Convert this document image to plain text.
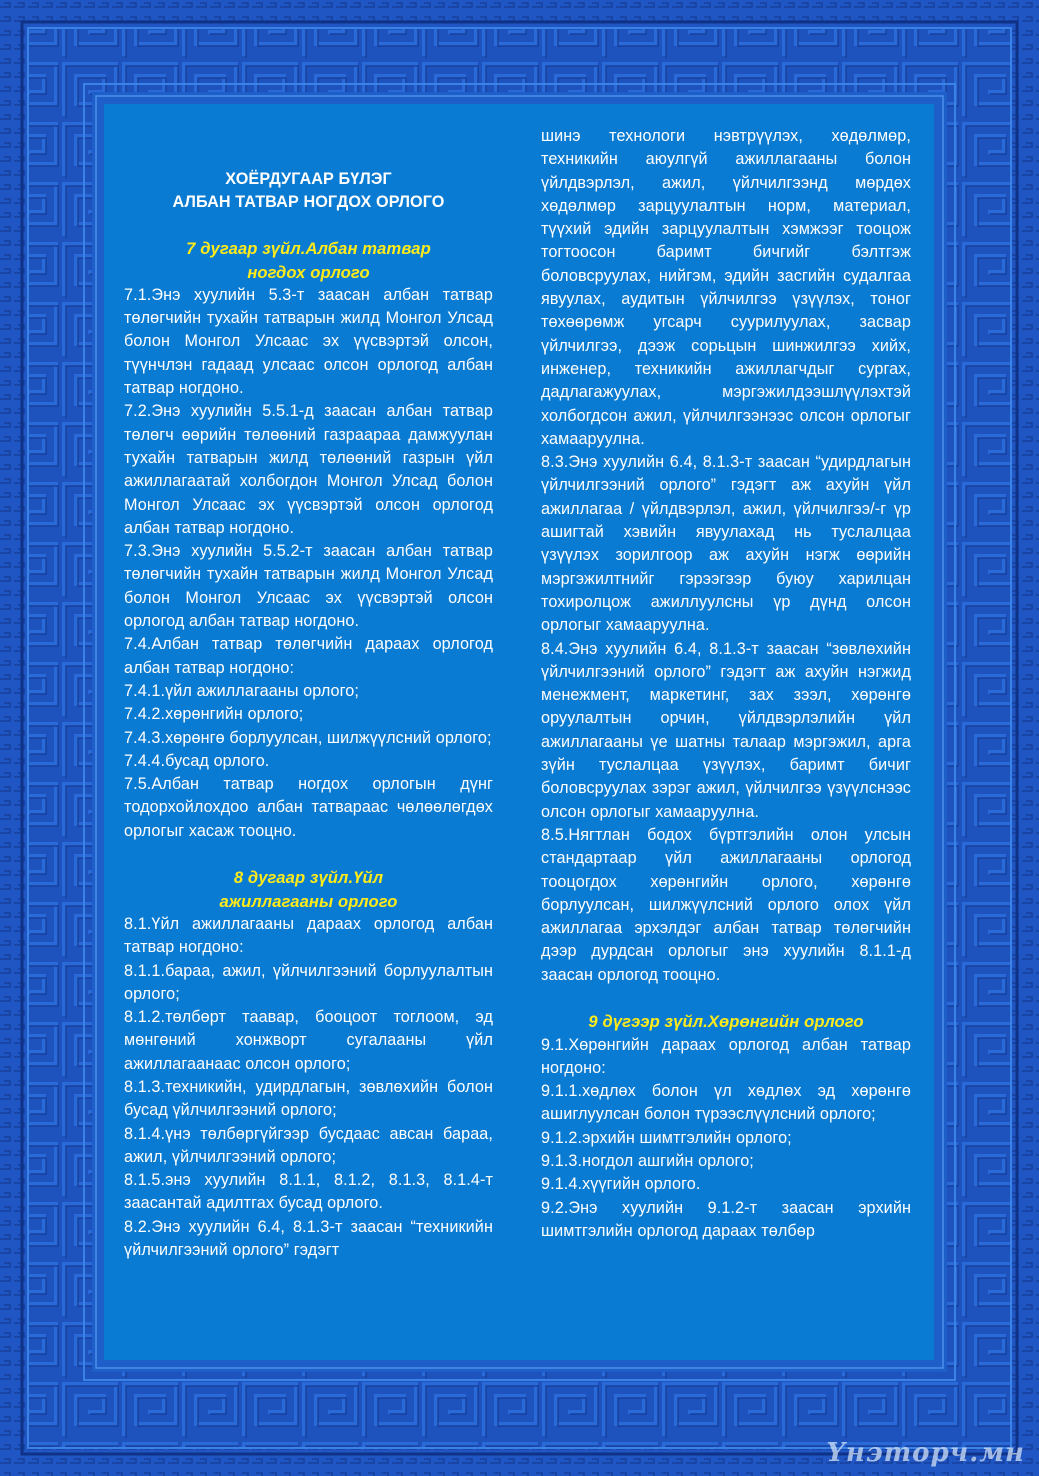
ХОЁРДУГААР БҮЛЭГ

АЛБАН ТАТВАР НОГДОХ ОРЛОГО

7 дугаар зүйл.Албан татвар

ногдох орлого

7.1.Энэ хуулийн 5.3-т заасан албан татвар төлөгчийн тухайн татварын жилд Монгол Улсад болон Монгол Улсаас эх үүсвэртэй олсон, түүнчлэн гадаад улсаас олсон орлогод албан татвар ногдоно.

7.2.Энэ хуулийн 5.5.1-д заасан албан татвар төлөгч өөрийн төлөөний газраараа дамжуулан тухайн татварын жилд төлөөний газрын үйл ажиллагаатай холбогдон Монгол Улсад болон Монгол Улсаас эх үүсвэртэй олсон орлогод албан татвар ногдоно.

7.3.Энэ хуулийн 5.5.2-т заасан албан татвар төлөгчийн тухайн татварын жилд Монгол Улсад болон Монгол Улсаас эх үүсвэртэй олсон орлогод албан татвар ногдоно.

7.4.Албан татвар төлөгчийн дараах орлогод албан татвар ногдоно:

7.4.1.үйл ажиллагааны орлого;

7.4.2.хөрөнгийн орлого;

7.4.3.хөрөнгө борлуулсан, шилжүүлсний орлого;

7.4.4.бусад орлого.

7.5.Албан татвар ногдох орлогын дүнг тодорхойлохдоо албан татвараас чөлөөлөгдөх орлогыг хасаж тооцно.

8 дугаар зүйл.Үйл

ажиллагааны орлого

8.1.Үйл ажиллагааны дараах орлогод албан татвар ногдоно:

8.1.1.бараа, ажил, үйлчилгээний борлуулалтын орлого;

8.1.2.төлбөрт таавар, бооцоот тоглоом, эд мөнгөний хонжворт сугалааны үйл ажиллагаанаас олсон орлого;

8.1.3.техникийн, удирдлагын, зөвлөхийн болон бусад үйлчилгээний орлого;

8.1.4.үнэ төлбөргүйгээр бусдаас авсан бараа, ажил, үйлчилгээний орлого;

8.1.5.энэ хуулийн 8.1.1, 8.1.2, 8.1.3, 8.1.4-т заасантай адилтгах бусад орлого.

8.2.Энэ хуулийн 6.4, 8.1.3-т заасан “техникийн үйлчилгээний орлого” гэдэгт

шинэ технологи нэвтрүүлэх, хөдөлмөр, техникийн аюулгүй ажиллагааны болон үйлдвэрлэл, ажил, үйлчилгээнд мөрдөх хөдөлмөр зарцуулалтын норм, материал, түүхий эдийн зарцуулалтын хэмжээг тооцож тогтоосон баримт бичгийг бэлтгэж боловсруулах, нийгэм, эдийн засгийн судалгаа явуулах, аудитын үйлчилгээ үзүүлэх, тоног төхөөрөмж угсарч суурилуулах, засвар үйлчилгээ, дээж сорьцын шинжилгээ хийх, инженер, техникийн ажиллагчдыг сургах, дадлагажуулах, мэргэжилдээшлүүлэхтэй холбогдсон ажил, үйлчилгээнээс олсон орлогыг хамааруулна.

8.3.Энэ хуулийн 6.4, 8.1.3-т заасан “удирдлагын үйлчилгээний орлого” гэдэгт аж ахуйн үйл ажиллагаа / үйлдвэрлэл, ажил, үйлчилгээ/-г үр ашигтай хэвийн явуулахад нь туслалцаа үзүүлэх зорилгоор аж ахуйн нэгж өөрийн мэргэжилтнийг гэрээгээр буюу харилцан тохиролцож ажиллуулсны үр дүнд олсон орлогыг хамааруулна.

8.4.Энэ хуулийн 6.4, 8.1.3-т заасан “зөвлөхийн үйлчилгээний орлого” гэдэгт аж ахуйн нэгжид менежмент, маркетинг, зах зээл, хөрөнгө оруулалтын орчин, үйлдвэрлэлийн үйл ажиллагааны үе шатны талаар мэргэжил, арга зүйн туслалцаа үзүүлэх, баримт бичиг боловсруулах зэрэг ажил, үйлчилгээ үзүүлснээс олсон орлогыг хамааруулна.

8.5.Нягтлан бодох бүртгэлийн олон улсын стандартаар үйл ажиллагааны орлогод тооцогдох хөрөнгийн орлого, хөрөнгө борлуулсан, шилжүүлсний орлого олох үйл ажиллагаа эрхэлдэг албан татвар төлөгчийн дээр дурдсан орлогыг энэ хуулийн 8.1.1-д заасан орлогод тооцно.

9 дүгээр зүйл.Хөрөнгийн орлого

9.1.Хөрөнгийн дараах орлогод албан татвар ногдоно:

9.1.1.хөдлөх болон үл хөдлөх эд хөрөнгө ашиглуулсан болон түрээслүүлсний орлого;

9.1.2.эрхийн шимтгэлийн орлого;

9.1.3.ногдол ашгийн орлого;

9.1.4.хүүгийн орлого.

9.2.Энэ хуулийн 9.1.2-т заасан эрхийн шимтгэлийн орлогод дараах төлбөр

Үнэторч.мн
